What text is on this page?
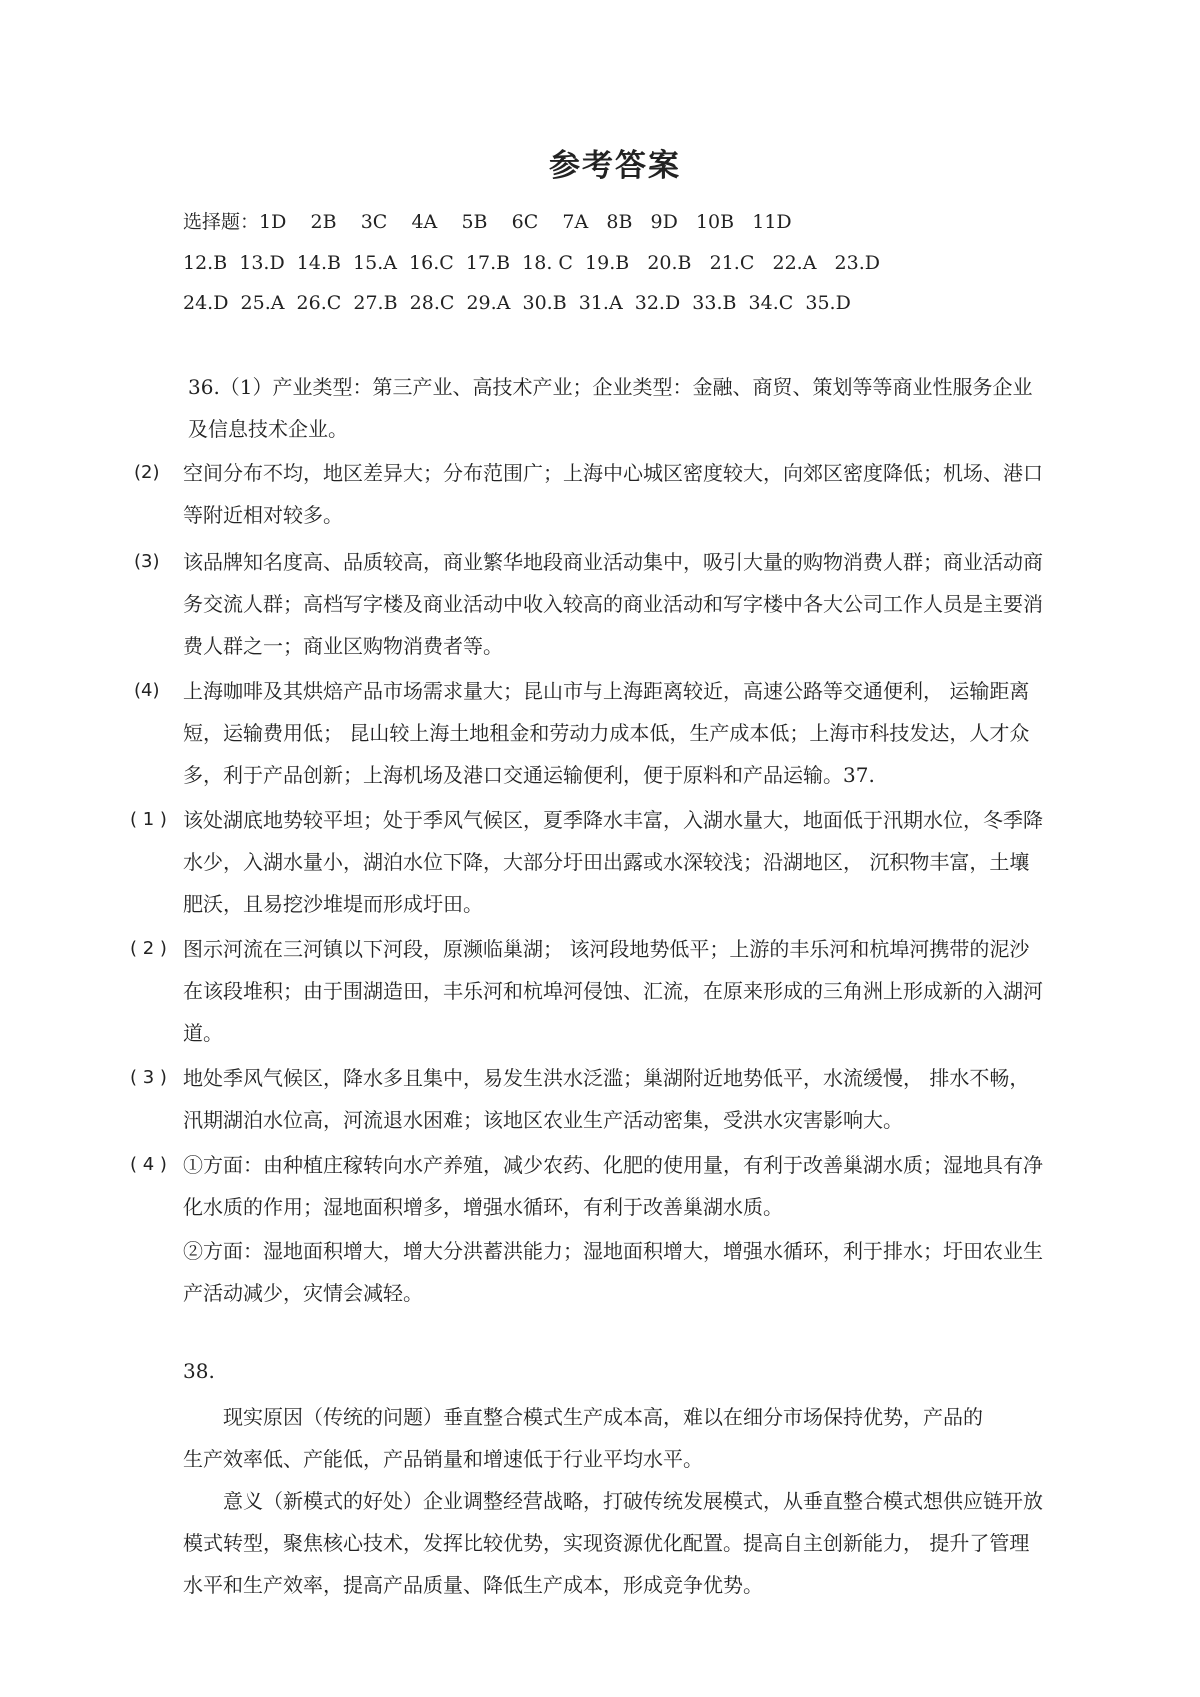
参考答案
选择题：1D    2B    3C    4A    5B    6C    7A   8B   9D   10B   11D
12.B  13.D  14.B  15.A  16.C  17.B  18. C  19.B   20.B   21.C   22.A   23.D
24.D  25.A  26.C  27.B  28.C  29.A  30.B  31.A  32.D  33.B  34.C  35.D
36.（1）产业类型：第三产业、高技术产业；企业类型：金融、商贸、策划等等商业性服务企业及信息技术企业。
(2) 空间分布不均，地区差异大；分布范围广；上海中心城区密度较大，向郊区密度降低；机场、港口等附近相对较多。
(3) 该品牌知名度高、品质较高，商业繁华地段商业活动集中，吸引大量的购物消费人群；商业活动商务交流人群；高档写字楼及商业活动中收入较高的商业活动和写字楼中各大公司工作人员是主要消费人群之一；商业区购物消费者等。
(4) 上海咖啡及其烘焙产品市场需求量大；昆山市与上海距离较近，高速公路等交通便利， 运输距离短，运输费用低； 昆山较上海土地租金和劳动力成本低，生产成本低；上海市科技发达，人才众多，利于产品创新；上海机场及港口交通运输便利，便于原料和产品运输。37.
( 1 ) 该处湖底地势较平坦；处于季风气候区，夏季降水丰富，入湖水量大，地面低于汛期水位，冬季降水少，入湖水量小，湖泊水位下降，大部分圩田出露或水深较浅；沿湖地区， 沉积物丰富，土壤肥沃，且易挖沙堆堤而形成圩田。
( 2 ) 图示河流在三河镇以下河段，原濒临巢湖； 该河段地势低平；上游的丰乐河和杭埠河携带的泥沙在该段堆积；由于围湖造田，丰乐河和杭埠河侵蚀、汇流，在原来形成的三角洲上形成新的入湖河道。
( 3 ) 地处季风气候区，降水多且集中，易发生洪水泛滥；巢湖附近地势低平，水流缓慢， 排水不畅，汛期湖泊水位高，河流退水困难；该地区农业生产活动密集，受洪水灾害影响大。
( 4 ) ①方面：由种植庄稼转向水产养殖，减少农药、化肥的使用量，有利于改善巢湖水质；湿地具有净化水质的作用；湿地面积增多，增强水循环，有利于改善巢湖水质。
②方面：湿地面积增大，增大分洪蓄洪能力；湿地面积增大，增强水循环，利于排水；圩田农业生产活动减少，灾情会减轻。
38.
现实原因（传统的问题）垂直整合模式生产成本高，难以在细分市场保持优势，产品的生产效率低、产能低，产品销量和增速低于行业平均水平。
意义（新模式的好处）企业调整经营战略，打破传统发展模式，从垂直整合模式想供应链开放模式转型，聚焦核心技术，发挥比较优势，实现资源优化配置。提高自主创新能力， 提升了管理水平和生产效率，提高产品质量、降低生产成本，形成竞争优势。
